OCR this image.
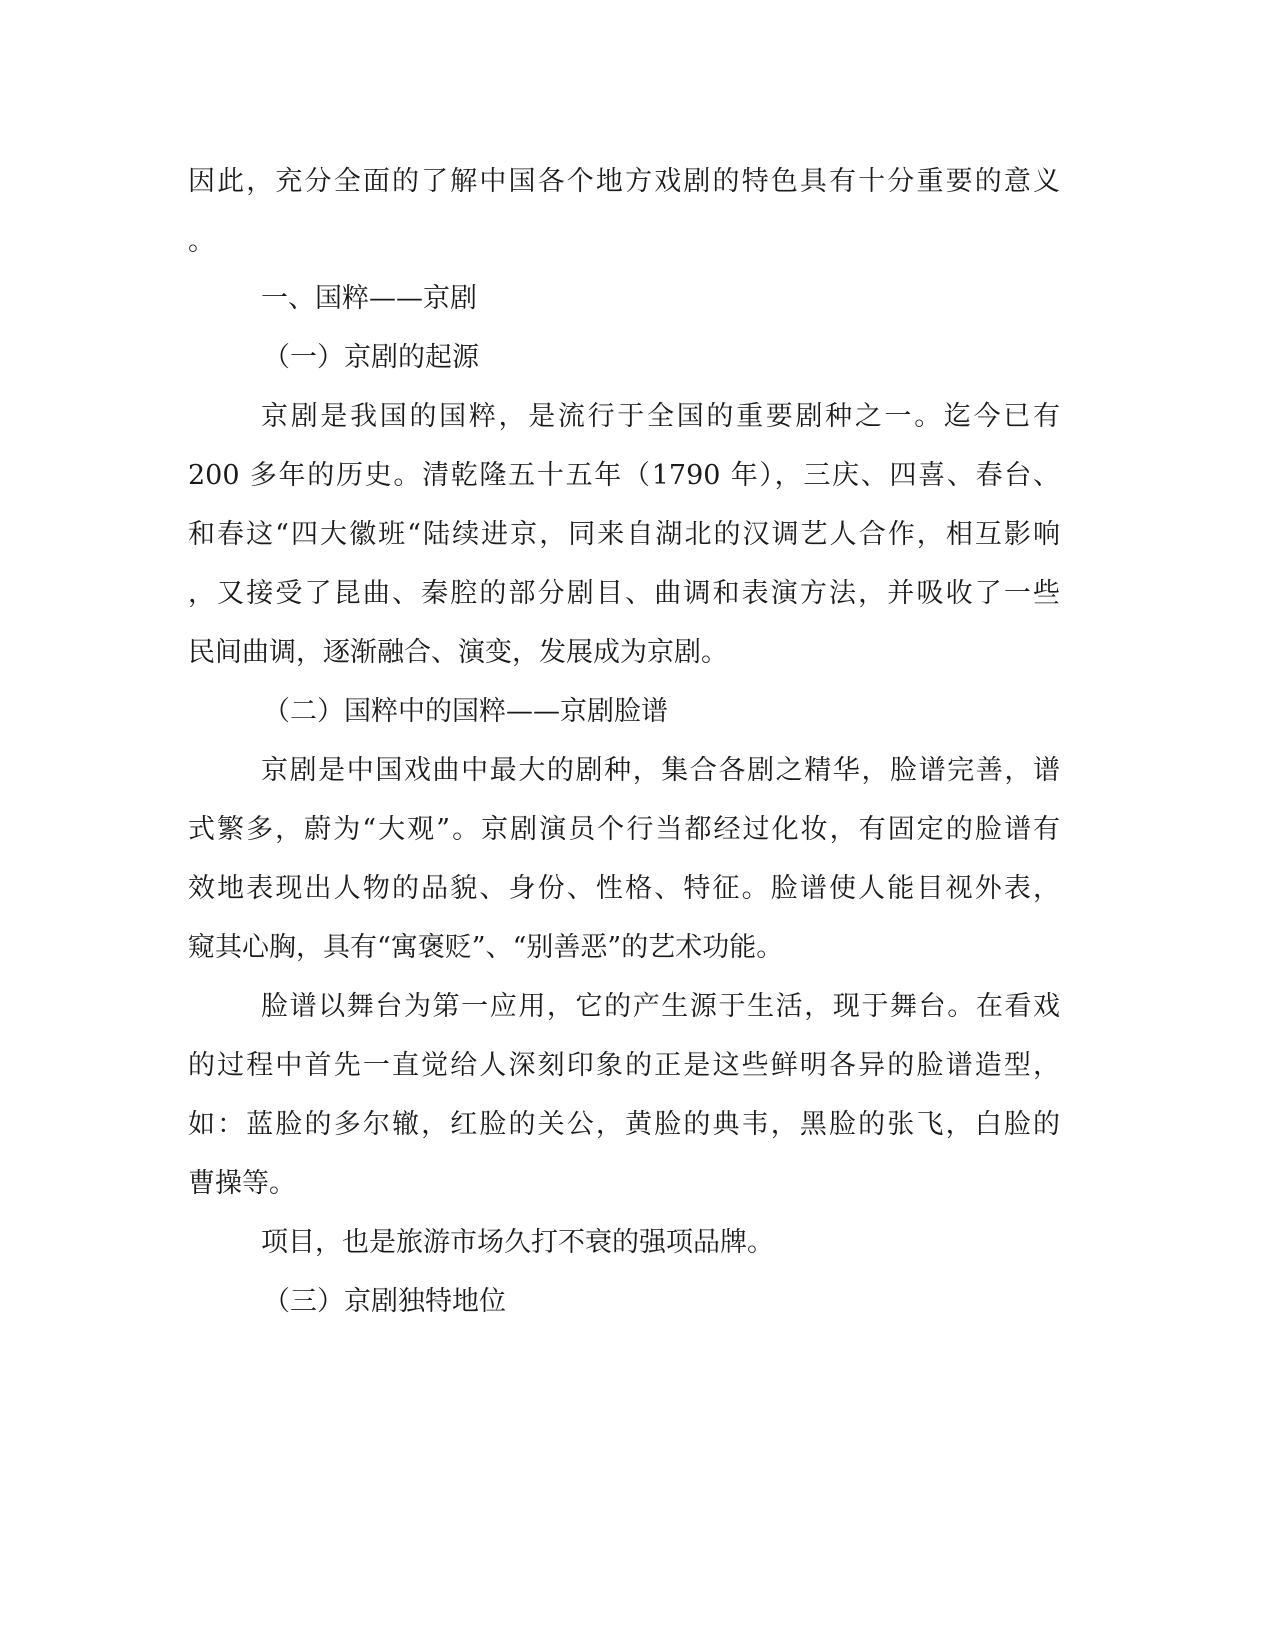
因此，充分全面的了解中国各个地方戏剧的特色具有十分重要的意义
。
一、国粹——京剧
（一）京剧的起源
京剧是我国的国粹，是流行于全国的重要剧种之一。迄今已有
200 多年的历史。清乾隆五十五年（1790 年），三庆、四喜、春台、
和春这“四大徽班“陆续进京，同来自湖北的汉调艺人合作，相互影响
，又接受了昆曲、秦腔的部分剧目、曲调和表演方法，并吸收了一些
民间曲调，逐渐融合、演变，发展成为京剧。
（二）国粹中的国粹——京剧脸谱
京剧是中国戏曲中最大的剧种，集合各剧之精华，脸谱完善，谱
式繁多，蔚为“大观”。京剧演员个行当都经过化妆，有固定的脸谱有
效地表现出人物的品貌、身份、性格、特征。脸谱使人能目视外表，
窥其心胸，具有“寓褒贬”、“别善恶”的艺术功能。
脸谱以舞台为第一应用，它的产生源于生活，现于舞台。在看戏
的过程中首先一直觉给人深刻印象的正是这些鲜明各异的脸谱造型，
如：蓝脸的多尔辙，红脸的关公，黄脸的典韦，黑脸的张飞，白脸的
曹操等。
项目，也是旅游市场久打不衰的强项品牌。
（三）京剧独特地位
